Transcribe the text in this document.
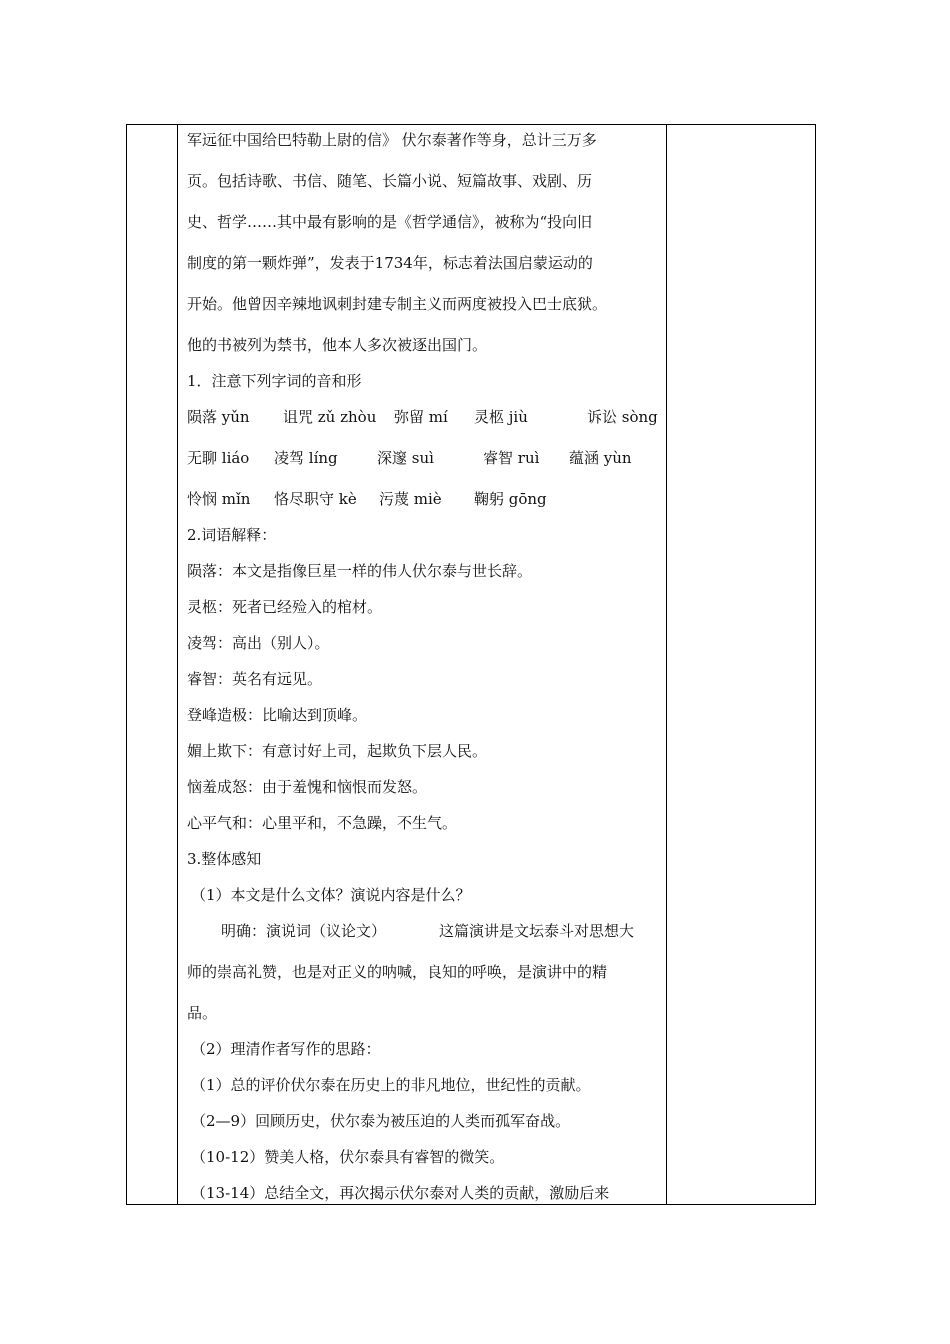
军远征中国给巴特勒上尉的信》 伏尔泰著作等身，总计三万多
页。包括诗歌、书信、随笔、长篇小说、短篇故事、戏剧、历
史、哲学……其中最有影响的是《哲学通信》，被称为“投向旧
制度的第一颗炸弹”，发表于1734年，标志着法国启蒙运动的
开始。他曾因辛辣地讽刺封建专制主义而两度被投入巴士底狱。
他的书被列为禁书，他本人多次被逐出国门。
1．注意下列字词的音和形
陨落 yǔn 诅咒 zǔ zhòu 弥留 mí 灵柩 jiù	诉讼 sòng
无聊 liáo 凌驾 líng	深邃 suì	睿智 ruì 蕴涵 yùn
怜悯 mǐn 恪尽职守 kè 污蔑 miè 鞠躬 gōng
2.词语解释：
陨落：本文是指像巨星一样的伟人伏尔泰与世长辞。
灵柩：死者已经殓入的棺材。
凌驾：高出（别人）。
睿智：英名有远见。
登峰造极：比喻达到顶峰。
媚上欺下：有意讨好上司，起欺负下层人民。
恼羞成怒：由于羞愧和恼恨而发怒。
心平气和：心里平和，不急躁，不生气。
3.整体感知
（1）本文是什么文体？演说内容是什么？
明确：演说词（议论文）	这篇演讲是文坛泰斗对思想大
师的崇高礼赞，也是对正义的呐喊，良知的呼唤，是演讲中的精
品。
（2）理清作者写作的思路：
（1）总的评价伏尔泰在历史上的非凡地位，世纪性的贡献。
（2—9）回顾历史，伏尔泰为被压迫的人类而孤军奋战。
（10-12）赞美人格，伏尔泰具有睿智的微笑。
（13-14）总结全文，再次揭示伏尔泰对人类的贡献，激励后来
